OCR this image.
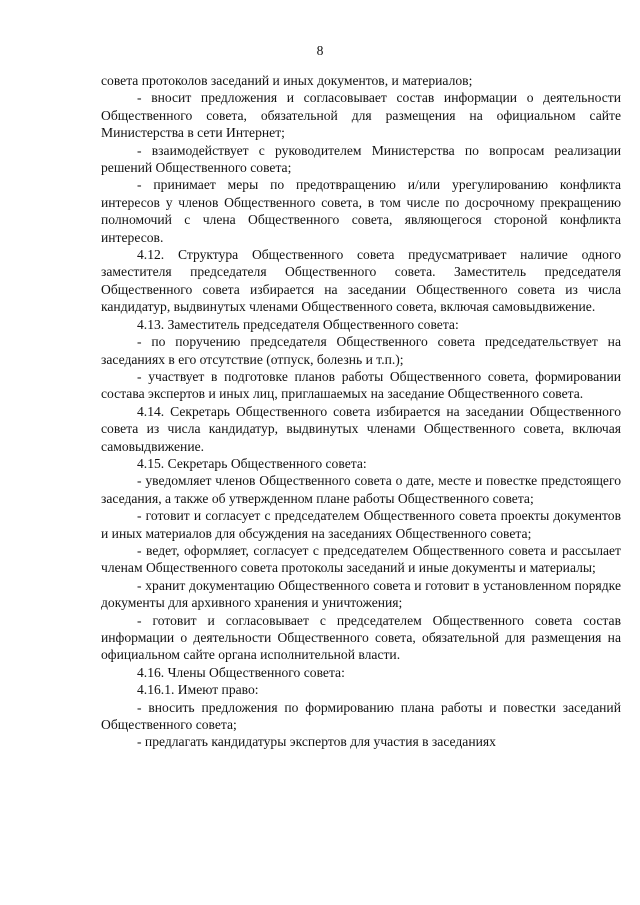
8

совета протоколов заседаний и иных документов, и материалов;

- вносит предложения и согласовывает состав информации о деятельности Общественного совета, обязательной для размещения на официальном сайте Министерства в сети Интернет;

- взаимодействует с руководителем Министерства по вопросам реализации решений Общественного совета;

- принимает меры по предотвращению и/или урегулированию конфликта интересов у членов Общественного совета, в том числе по досрочному прекращению полномочий с члена Общественного совета, являющегося стороной конфликта интересов.

4.12. Структура Общественного совета предусматривает наличие одного заместителя председателя Общественного совета. Заместитель председателя Общественного совета избирается на заседании Общественного совета из числа кандидатур, выдвинутых членами Общественного совета, включая самовыдвижение.

4.13. Заместитель председателя Общественного совета:

- по поручению председателя Общественного совета председательствует на заседаниях в его отсутствие (отпуск, болезнь и т.п.);

- участвует в подготовке планов работы Общественного совета, формировании состава экспертов и иных лиц, приглашаемых на заседание Общественного совета.

4.14. Секретарь Общественного совета избирается на заседании Общественного совета из числа кандидатур, выдвинутых членами Общественного совета, включая самовыдвижение.

4.15. Секретарь Общественного совета:

- уведомляет членов Общественного совета о дате, месте и повестке предстоящего заседания, а также об утвержденном плане работы Общественного совета;

- готовит и согласует с председателем Общественного совета проекты документов и иных материалов для обсуждения на заседаниях Общественного совета;

- ведет, оформляет, согласует с председателем Общественного совета и рассылает членам Общественного совета протоколы заседаний и иные документы и материалы;

- хранит документацию Общественного совета и готовит в установленном порядке документы для архивного хранения и уничтожения;

- готовит и согласовывает с председателем Общественного совета состав информации о деятельности Общественного совета, обязательной для размещения на официальном сайте органа исполнительной власти.

4.16. Члены Общественного совета:

4.16.1. Имеют право:

- вносить предложения по формированию плана работы и повестки заседаний Общественного совета;

- предлагать кандидатуры экспертов для участия в заседаниях
